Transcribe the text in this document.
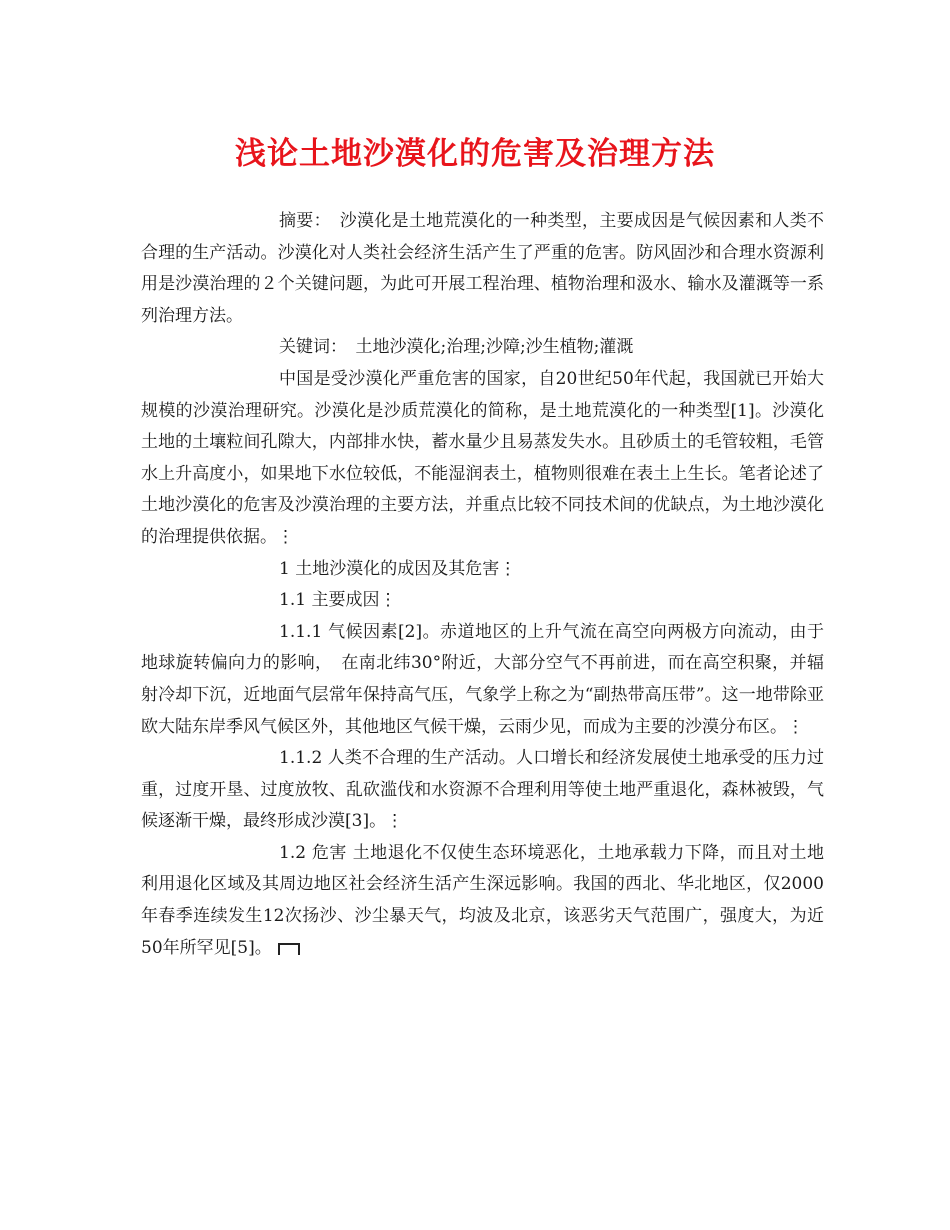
浅论土地沙漠化的危害及治理方法

摘要：　沙漠化是土地荒漠化的一种类型，主要成因是气候因素和人类不合理的生产活动。沙漠化对人类社会经济生活产生了严重的危害。防风固沙和合理水资源利用是沙漠治理的２个关键问题，为此可开展工程治理、植物治理和汲水、输水及灌溉等一系列治理方法。

关键词：　土地沙漠化;治理;沙障;沙生植物;灌溉

中国是受沙漠化严重危害的国家，自20世纪50年代起，我国就已开始大规模的沙漠治理研究。沙漠化是沙质荒漠化的简称，是土地荒漠化的一种类型[1]。沙漠化土地的土壤粒间孔隙大，内部排水快，蓄水量少且易蒸发失水。且砂质土的毛管较粗，毛管水上升高度小，如果地下水位较低，不能湿润表土，植物则很难在表土上生长。笔者论述了土地沙漠化的危害及沙漠治理的主要方法，并重点比较不同技术间的优缺点，为土地沙漠化的治理提供依据。⋮

1 土地沙漠化的成因及其危害⋮

1.1 主要成因⋮

1.1.1 气候因素[2]。赤道地区的上升气流在高空向两极方向流动，由于地球旋转偏向力的影响，　在南北纬30°附近，大部分空气不再前进，而在高空积聚，并辐射冷却下沉，近地面气层常年保持高气压，气象学上称之为“副热带高压带”。这一地带除亚欧大陆东岸季风气候区外，其他地区气候干燥，云雨少见，而成为主要的沙漠分布区。⋮

1.1.2 人类不合理的生产活动。人口增长和经济发展使土地承受的压力过重，过度开垦、过度放牧、乱砍滥伐和水资源不合理利用等使土地严重退化，森林被毁，气候逐渐干燥，最终形成沙漠[3]。⋮

1.2 危害 土地退化不仅使生态环境恶化，土地承载力下降，而且对土地利用退化区域及其周边地区社会经济生活产生深远影响。我国的西北、华北地区，仅2000年春季连续发生12次扬沙、沙尘暴天气，均波及北京，该恶劣天气范围广，强度大，为近50年所罕见[5]。
